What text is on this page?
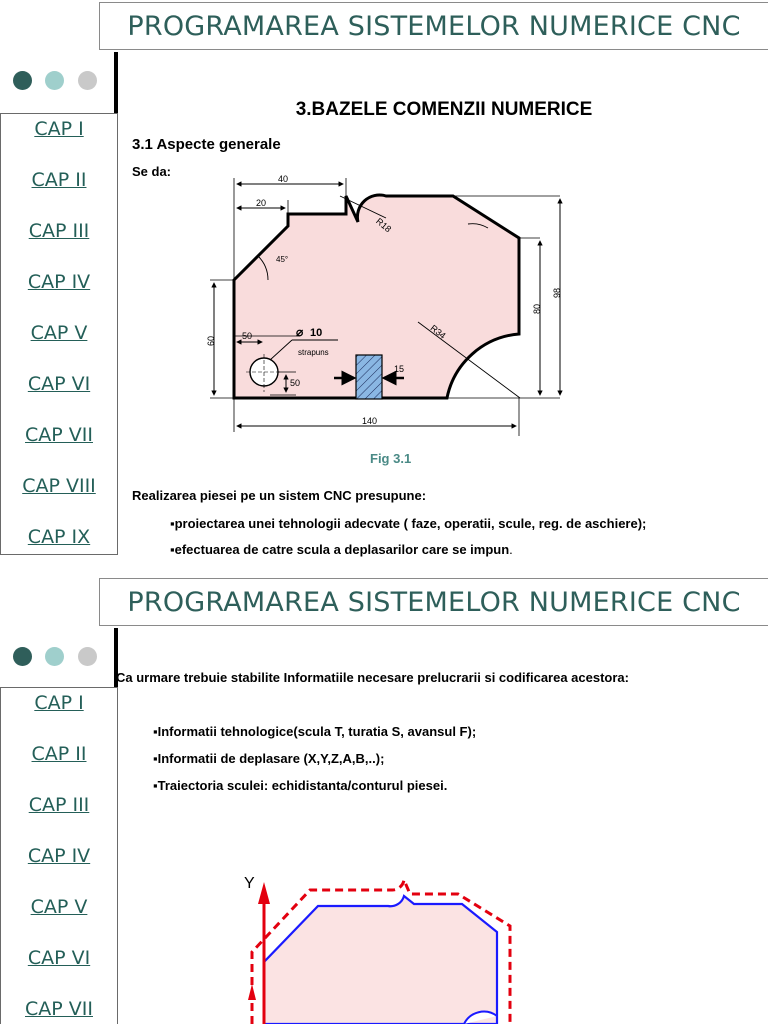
PROGRAMAREA SISTEMELOR NUMERICE CNC
CAP I
CAP II
CAP III
CAP IV
CAP V
CAP VI
CAP VII
CAP VIII
CAP IX
3.BAZELE COMENZII NUMERICE
3.1 Aspecte generale
Se da:	40
20
45°
R18
R34
60
80
98
50
50
140
15
⌀ 10
strapuns
Fig 3.1
Realizarea piesei pe un sistem CNC presupune:
▪proiectarea unei tehnologii adecvate ( faze, operatii, scule, reg. de aschiere);
▪efectuarea de catre scula a deplasarilor care se impun.
PROGRAMAREA SISTEMELOR NUMERICE CNC
CAP I
CAP II
CAP III
CAP IV
CAP V
CAP VI
CAP VII
Ca urmare trebuie stabilite Informatiile necesare prelucrarii si codificarea acestora:
▪Informatii tehnologice(scula T, turatia S, avansul F);
▪Informatii de deplasare (X,Y,Z,A,B,..);
▪Traiectoria sculei: echidistanta/conturul piesei.
Y
